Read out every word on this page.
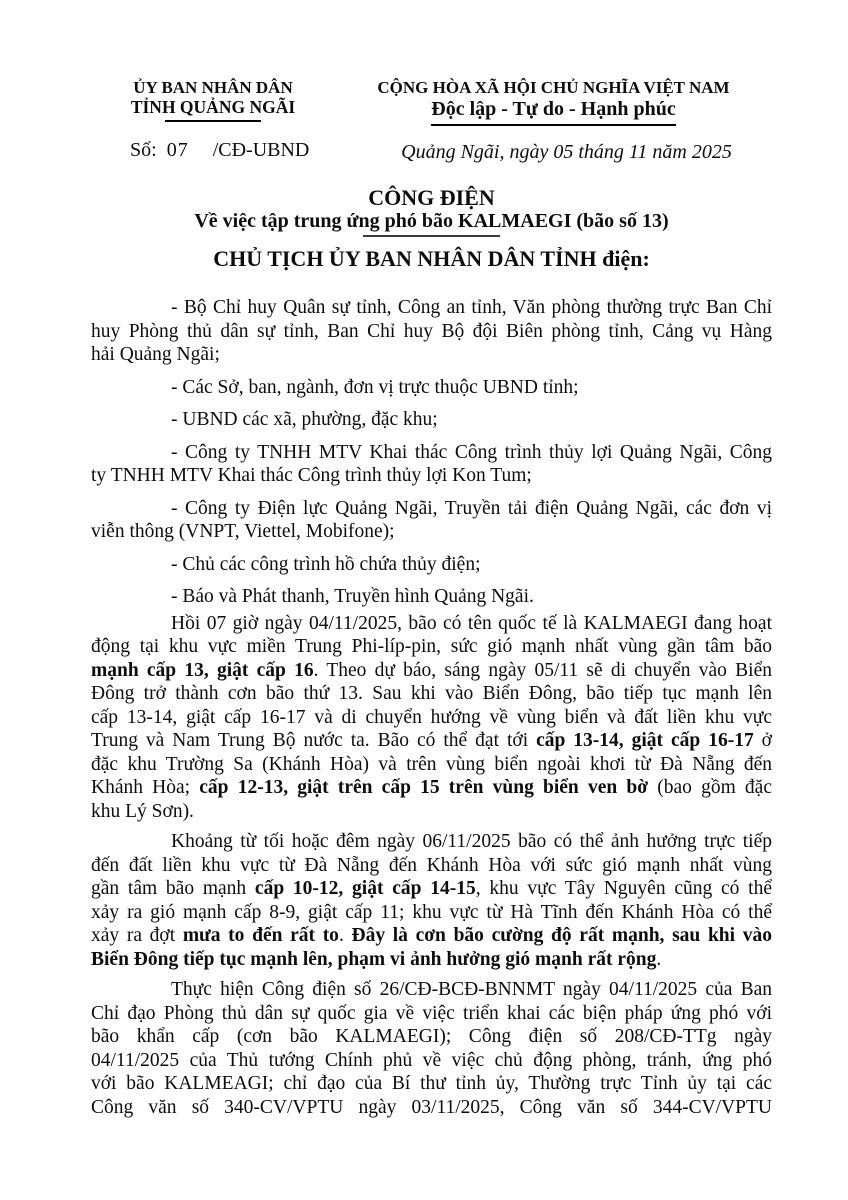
ỦY BAN NHÂN DÂN
TỈNH QUẢNG NGÃI
Số: 07 /CĐ-UBND
CỘNG HÒA XÃ HỘI CHỦ NGHĨA VIỆT NAM
Độc lập - Tự do - Hạnh phúc
Quảng Ngãi, ngày 05 tháng 11 năm 2025
CÔNG ĐIỆN
Về việc tập trung ứng phó bão KALMAEGI (bão số 13)
CHỦ TỊCH ỦY BAN NHÂN DÂN TỈNH điện:
- Bộ Chỉ huy Quân sự tỉnh, Công an tỉnh, Văn phòng thường trực Ban Chỉ
huy Phòng thủ dân sự tỉnh, Ban Chỉ huy Bộ đội Biên phòng tỉnh, Cảng vụ Hàng
hải Quảng Ngãi;
- Các Sở, ban, ngành, đơn vị trực thuộc UBND tỉnh;
- UBND các xã, phường, đặc khu;
- Công ty TNHH MTV Khai thác Công trình thủy lợi Quảng Ngãi, Công
ty TNHH MTV Khai thác Công trình thủy lợi Kon Tum;
- Công ty Điện lực Quảng Ngãi, Truyền tải điện Quảng Ngãi, các đơn vị
viễn thông (VNPT, Viettel, Mobifone);
- Chủ các công trình hồ chứa thủy điện;
- Báo và Phát thanh, Truyền hình Quảng Ngãi.
Hồi 07 giờ ngày 04/11/2025, bão có tên quốc tế là KALMAEGI đang hoạt
động tại khu vực miền Trung Phi-líp-pin, sức gió mạnh nhất vùng gần tâm bão
mạnh cấp 13, giật cấp 16. Theo dự báo, sáng ngày 05/11 sẽ di chuyển vào Biển
Đông trở thành cơn bão thứ 13. Sau khi vào Biển Đông, bão tiếp tục mạnh lên
cấp 13-14, giật cấp 16-17 và di chuyển hướng về vùng biển và đất liền khu vực
Trung và Nam Trung Bộ nước ta. Bão có thể đạt tới cấp 13-14, giật cấp 16-17 ở
đặc khu Trường Sa (Khánh Hòa) và trên vùng biển ngoài khơi từ Đà Nẵng đến
Khánh Hòa; cấp 12-13, giật trên cấp 15 trên vùng biển ven bờ (bao gồm đặc
khu Lý Sơn).
Khoảng từ tối hoặc đêm ngày 06/11/2025 bão có thể ảnh hưởng trực tiếp
đến đất liền khu vực từ Đà Nẵng đến Khánh Hòa với sức gió mạnh nhất vùng
gần tâm bão mạnh cấp 10-12, giật cấp 14-15, khu vực Tây Nguyên cũng có thể
xảy ra gió mạnh cấp 8-9, giật cấp 11; khu vực từ Hà Tĩnh đến Khánh Hòa có thể
xảy ra đợt mưa to đến rất to. Đây là cơn bão cường độ rất mạnh, sau khi vào
Biển Đông tiếp tục mạnh lên, phạm vi ảnh hưởng gió mạnh rất rộng.
Thực hiện Công điện số 26/CĐ-BCĐ-BNNMT ngày 04/11/2025 của Ban
Chỉ đạo Phòng thủ dân sự quốc gia về việc triển khai các biện pháp ứng phó với
bão khẩn cấp (cơn bão KALMAEGI); Công điện số 208/CĐ-TTg ngày
04/11/2025 của Thủ tướng Chính phủ về việc chủ động phòng, tránh, ứng phó
với bão KALMEAGI; chỉ đạo của Bí thư tỉnh ủy, Thường trực Tỉnh ủy tại các
Công văn số 340-CV/VPTU ngày 03/11/2025, Công văn số 344-CV/VPTU
